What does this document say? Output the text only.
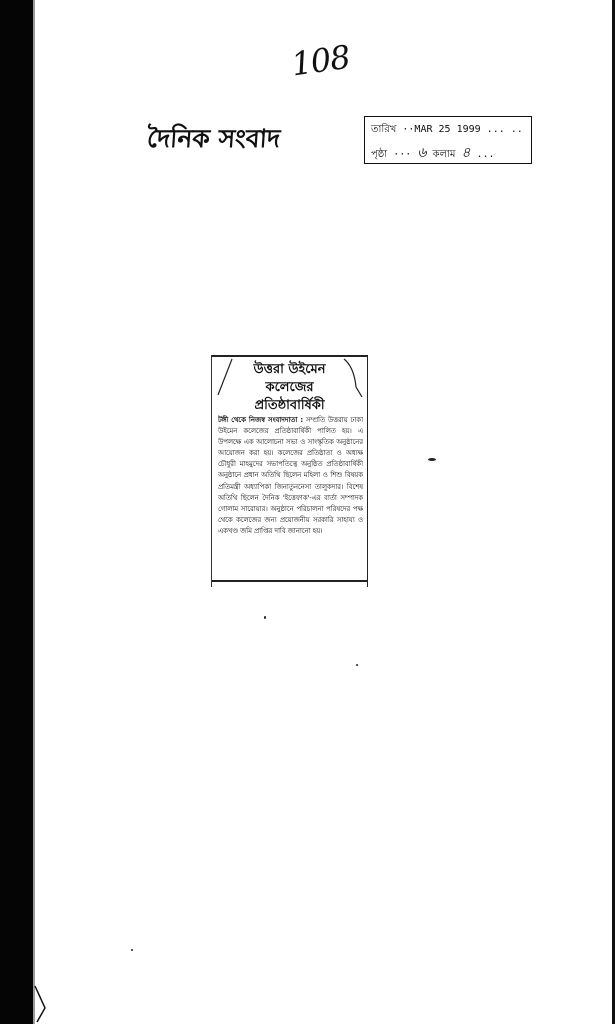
108
দৈনিক সংবাদ	তারিখ ··MAR 25 1999 ... ..
পৃষ্ঠা ··· ৬ কলাম ৪ ...
উত্তরা উইমেন
কলেজের
প্রতিষ্ঠাবার্ষিকী
টঙ্গী থেকে নিজস্ব সংবাদদাতা : সম্প্রতি উত্তরায় ঢাকা উইমেন কলেজের প্রতিষ্ঠাবার্ষিকী পালিত হয়। এ উপলক্ষে এক আলোচনা সভা ও সাংস্কৃতিক অনুষ্ঠানের আয়োজন করা হয়। কলেজের প্রতিষ্ঠাতা ও অধ্যক্ষ চৌধুরী মাহমুদের সভাপতিত্বে অনুষ্ঠিত প্রতিষ্ঠাবার্ষিকী অনুষ্ঠানে প্রধান অতিথি ছিলেন মহিলা ও শিশু বিষয়ক প্রতিমন্ত্রী অধ্যাপিকা জিনাতুননেসা তালুকদার। বিশেষ অতিথি ছিলেন দৈনিক 'ইত্তেফাক'-এর বার্তা সম্পাদক গোলাম সারোয়ার। অনুষ্ঠানে পরিচালনা পরিষদের পক্ষ থেকে কলেজের জন্য প্রয়োজনীয় সরকারি সাহায্য ও একখণ্ড জমি প্রাপ্তির দাবি জানানো হয়।
